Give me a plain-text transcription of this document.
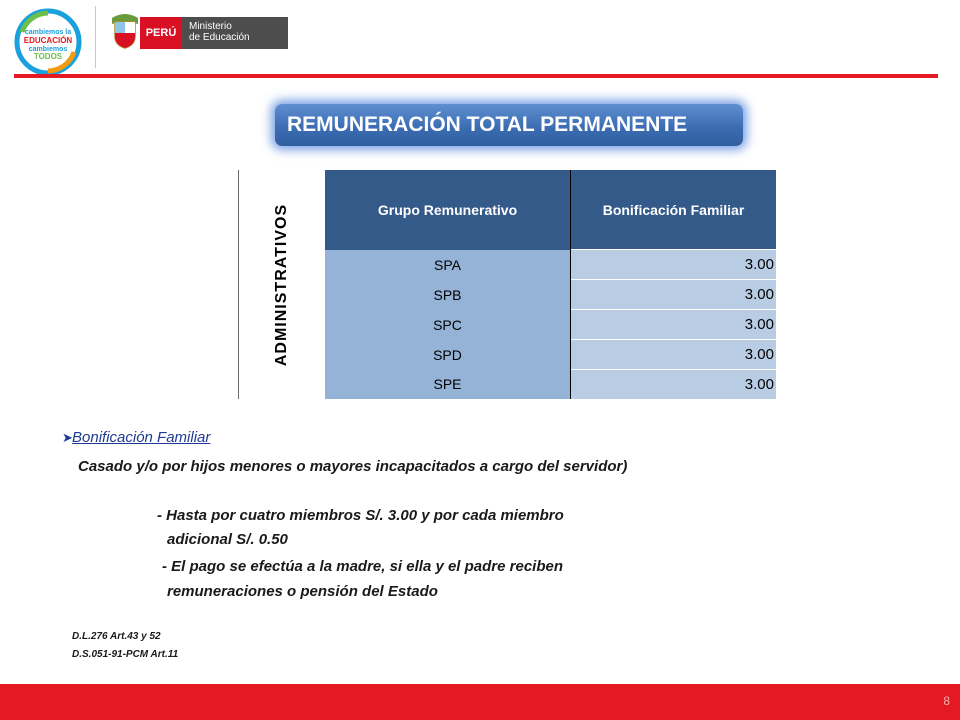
cambiemos la
EDUCACIÓN
cambiemos
TODOS
PERÚ
Ministerio
de Educación
REMUNERACIÓN TOTAL PERMANENTE
ADMINISTRATIVOS	Grupo Remunerativo	Bonificación Familiar
	SPA	3.00
	SPB	3.00
	SPC	3.00
	SPD	3.00
	SPE	3.00
➤Bonificación Familiar
Casado y/o por hijos menores o mayores incapacitados a cargo del servidor)
- Hasta por cuatro miembros S/. 3.00 y por cada miembro
adicional S/. 0.50
- El pago se efectúa a la madre, si ella y el padre reciben
remuneraciones o pensión del Estado
D.L.276 Art.43 y 52
D.S.051-91-PCM Art.11
8
